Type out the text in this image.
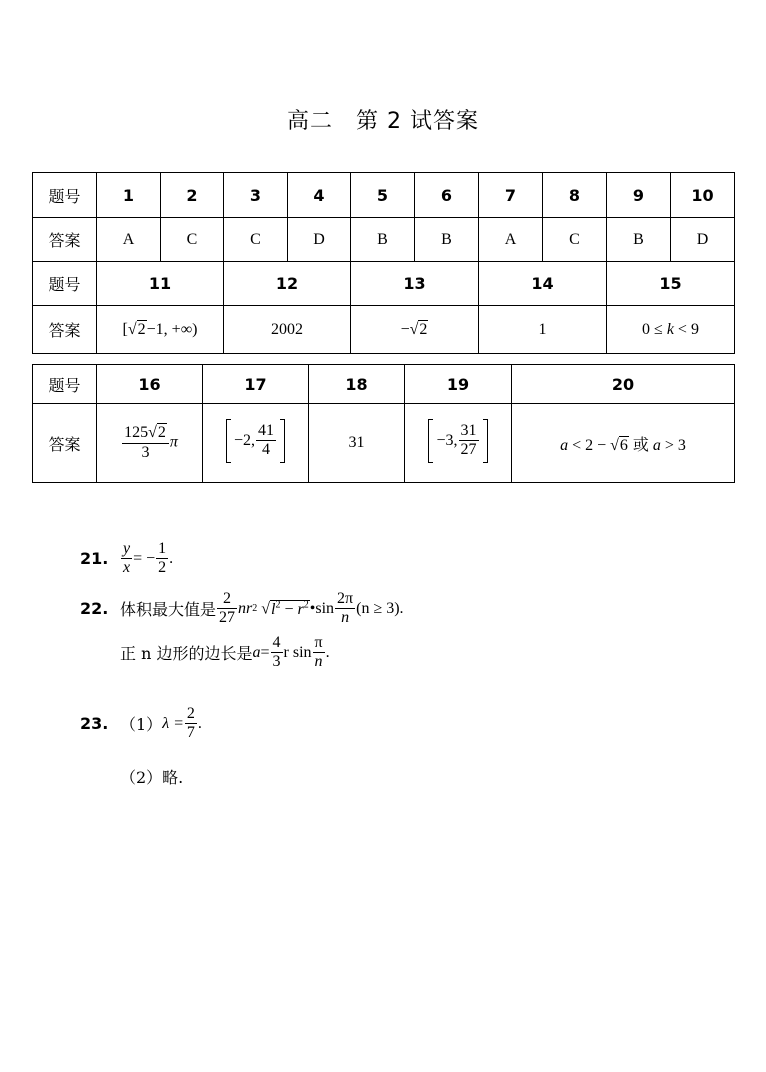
高二　第 2 试答案
题号	1	2	3	4	5	6	7	8	9	10
答案	A	C	C	D	B	B	A	C	B	D
题号	11		12		13		14		15	
答案	[√2−1, +∞)		2002		−√2		1		0 ≤ k < 9	
题号	16	17	18	19	20
答案	$\frac{125√2}{3}$ π	−2, $\frac{41}{4}$	31	−3, $\frac{31}{27}$	a < 2 − √6 或 a > 3
21. $\frac{y}{x}$ = − $\frac{1}{2}$ .
22. 体积最大值是 $\frac{2}{27}$ nr 2 $√l^2 - r^2$ •sin $\frac{2\pi}{n} (n \ge 3)$.
正 n 边形的边长是 $a = \frac{4}{3}$ r $\sin \frac{\pi}{n}$ .
23. （1） $\lambda = \frac{2}{7}$ .
（2）略.
